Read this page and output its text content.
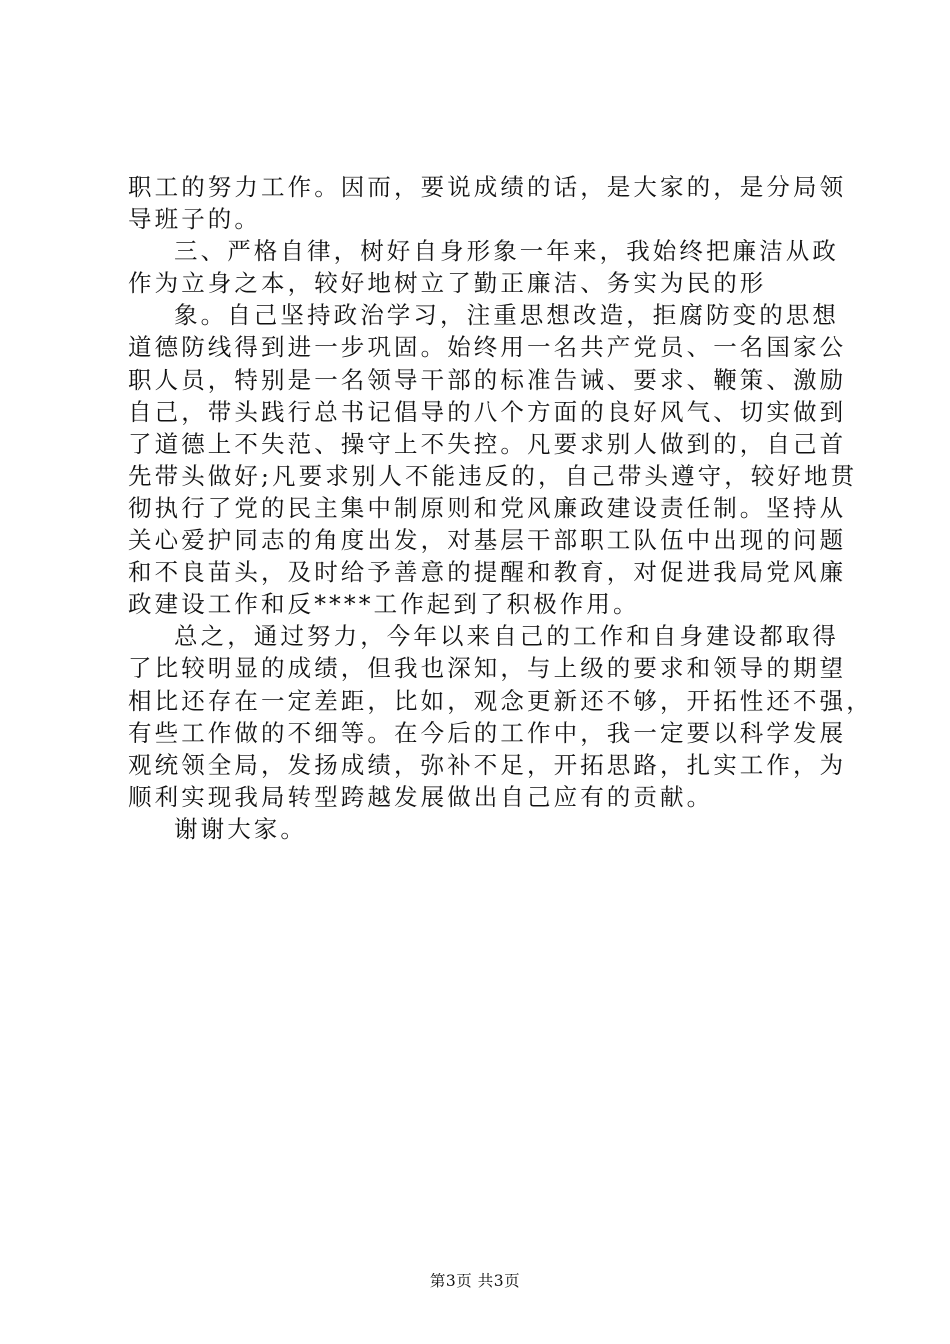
职工的努力工作。因而，要说成绩的话，是大家的，是分局领
导班子的。
三、严格自律，树好自身形象一年来，我始终把廉洁从政
作为立身之本，较好地树立了勤正廉洁、务实为民的形
象。自己坚持政治学习，注重思想改造，拒腐防变的思想
道德防线得到进一步巩固。始终用一名共产党员、一名国家公
职人员，特别是一名领导干部的标准告诫、要求、鞭策、激励
自己，带头践行总书记倡导的八个方面的良好风气、切实做到
了道德上不失范、操守上不失控。凡要求别人做到的，自己首
先带头做好;凡要求别人不能违反的，自己带头遵守，较好地贯
彻执行了党的民主集中制原则和党风廉政建设责任制。坚持从
关心爱护同志的角度出发，对基层干部职工队伍中出现的问题
和不良苗头，及时给予善意的提醒和教育，对促进我局党风廉
政建设工作和反****工作起到了积极作用。
总之，通过努力，今年以来自己的工作和自身建设都取得
了比较明显的成绩，但我也深知，与上级的要求和领导的期望
相比还存在一定差距，比如，观念更新还不够，开拓性还不强，
有些工作做的不细等。在今后的工作中，我一定要以科学发展
观统领全局，发扬成绩，弥补不足，开拓思路，扎实工作，为
顺利实现我局转型跨越发展做出自己应有的贡献。
谢谢大家。
第3页 共3页
